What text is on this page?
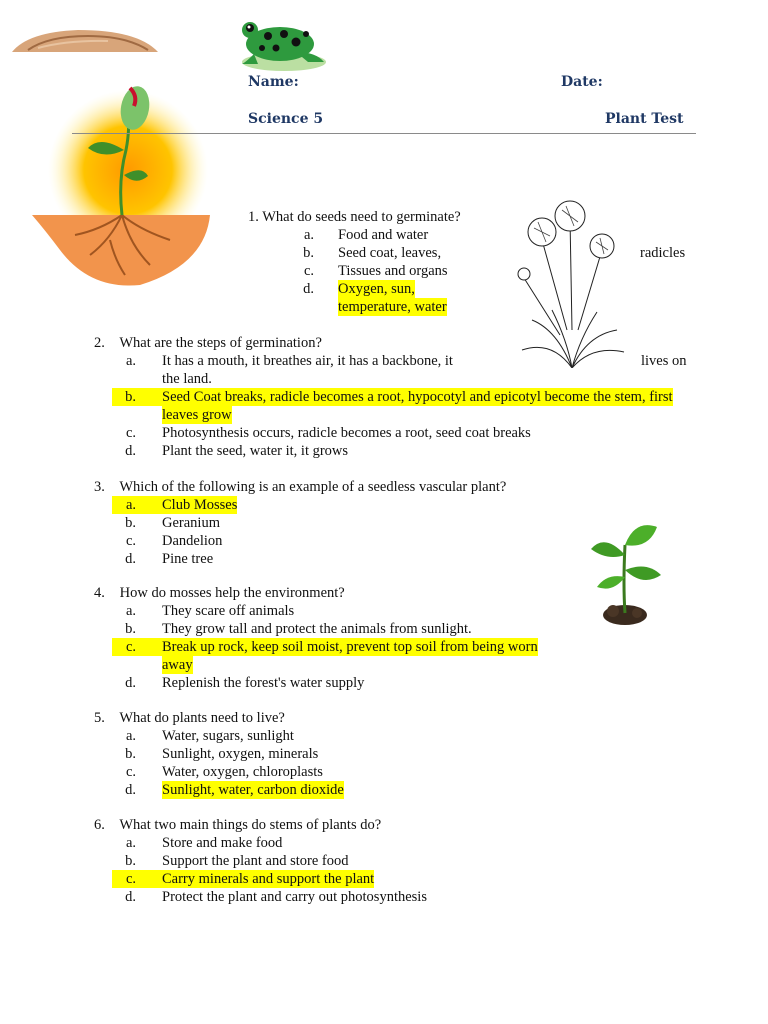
Name:	Date:
Science 5	Plant Test
1. What do seeds need to germinate?
a. Food and water
b. Seed coat, leaves,	radicles
c. Tissues and organs
d. Oxygen, sun,
temperature, water
2. What are the steps of germination?
a. It has a mouth, it breathes air, it has a backbone, it	lives on
the land.
b.	Seed Coat breaks, radicle becomes a root, hypocotyl and epicotyl become the stem, first
leaves grow
c. Photosynthesis occurs, radicle becomes a root, seed coat breaks
d. Plant the seed, water it, it grows
3. Which of the following is an example of a seedless vascular plant?
a.	Club Mosses
b. Geranium
c. Dandelion
d. Pine tree
4. How do mosses help the environment?
a. They scare off animals
b. They grow tall and protect the animals from sunlight.
c.	Break up rock, keep soil moist, prevent top soil from being worn
away
d. Replenish the forest's water supply
5. What do plants need to live?
a. Water, sugars, sunlight
b. Sunlight, oxygen, minerals
c. Water, oxygen, chloroplasts
d. Sunlight, water, carbon dioxide
6. What two main things do stems of plants do?
a. Store and make food
b. Support the plant and store food
c.	Carry minerals and support the plant
d. Protect the plant and carry out photosynthesis
